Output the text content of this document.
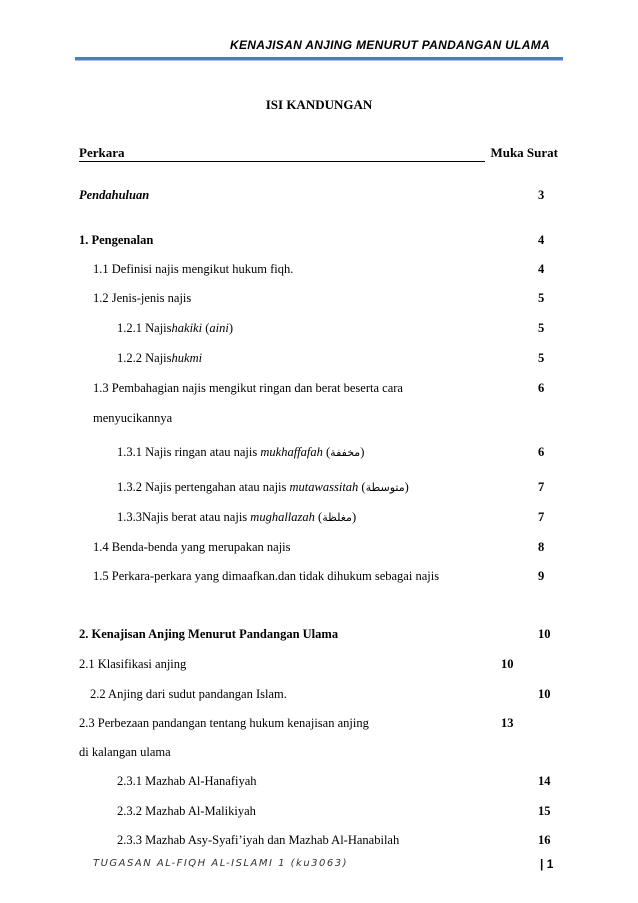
KENAJISAN ANJING MENURUT PANDANGAN ULAMA
ISI KANDUNGAN
Perkara	Muka Surat
Pendahuluan	3
1. Pengenalan	4
1.1 Definisi najis mengikut hukum fiqh.	4
1.2 Jenis-jenis najis	5
1.2.1 Najishakiki (aini)	5
1.2.2 Najishukmi	5
1.3 Pembahagian najis mengikut ringan dan berat beserta cara	6
menyucikannya
1.3.1 Najis ringan atau najis mukhaffafah (مخففة)	6
1.3.2 Najis pertengahan atau najis mutawassitah (متوسطة)	7
1.3.3Najis berat atau najis mughallazah (مغلظة)	7
1.4 Benda-benda yang merupakan najis	8
1.5 Perkara-perkara yang dimaafkan.dan tidak dihukum sebagai najis	9
2. Kenajisan Anjing Menurut Pandangan Ulama	10
2.1 Klasifikasi anjing	10
2.2 Anjing dari sudut pandangan Islam.	10
2.3 Perbezaan pandangan tentang hukum kenajisan anjing	13
di kalangan ulama
2.3.1 Mazhab Al-Hanafiyah	14
2.3.2 Mazhab Al-Malikiyah	15
2.3.3 Mazhab Asy-Syafi’iyah dan Mazhab Al-Hanabilah	16
TUGASAN AL-FIQH AL-ISLAMI 1 (ku3063)	| 1
